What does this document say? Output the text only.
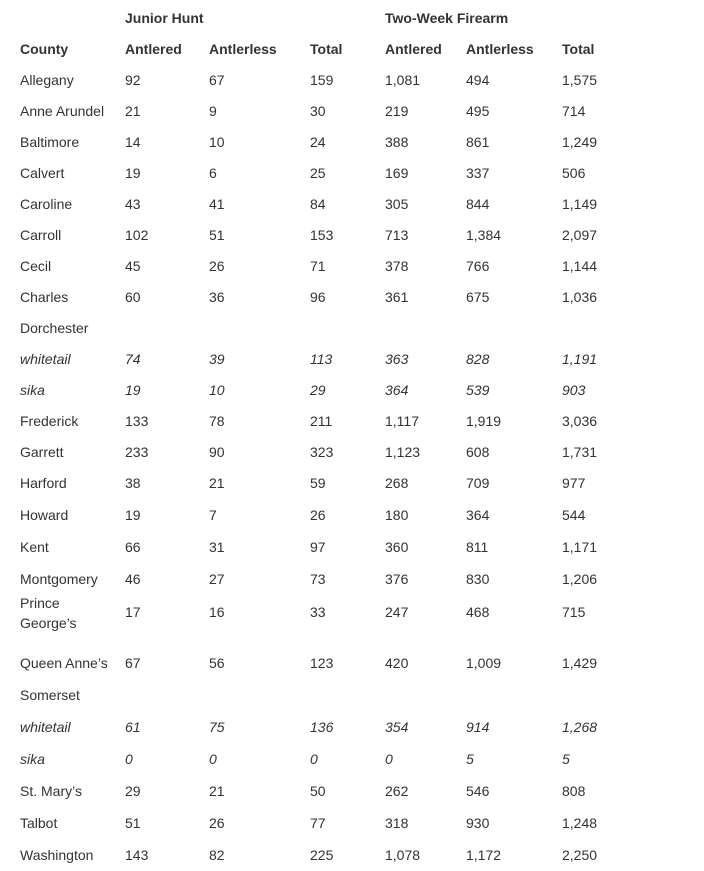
Junior Hunt	Two-Week Firearm
County	Antlered Antlerless Total	Antlered Antlerless Total
Allegany	92	67	159	1,081	494	1,575
Anne Arundel 21	9	30	219	495	714
Baltimore	14	10	24	388	861	1,249
Calvert	19	6	25	169	337	506
Caroline	43	41	84	305	844	1,149
Carroll	102	51	153	713	1,384	2,097
Cecil	45	26	71	378	766	1,144
Charles	60	36	96	361	675	1,036
Dorchester
whitetail	74	39	113	363	828	1,191
sika	19	10	29	364	539	903
Frederick	133	78	211	1,117	1,919	3,036
Garrett	233	90	323	1,123	608	1,731
Harford	38	21	59	268	709	977
Howard	19	7	26	180	364	544
Kent	66	31	97	360	811	1,171
Montgomery 46	27	73	376	830	1,206
Prince George’s
17	16	33	247	468	715
Queen Anne’s 67	56	123	420	1,009	1,429
Somerset
whitetail	61	75	136	354	914	1,268
sika	0	0	0	0	5	5
St. Mary’s	29	21	50	262	546	808
Talbot	51	26	77	318	930	1,248
Washington 143	82	225	1,078	1,172	2,250
